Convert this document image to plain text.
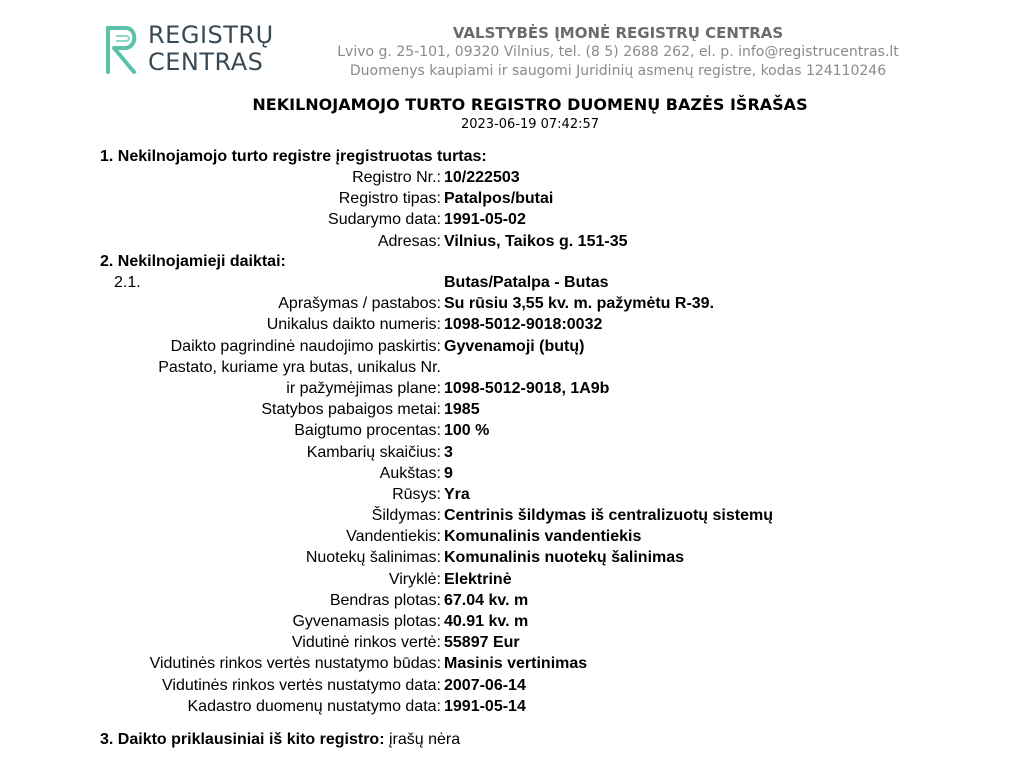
REGISTRŲ
CENTRAS
VALSTYBĖS ĮMONĖ REGISTRŲ CENTRAS
Lvivo g. 25-101, 09320 Vilnius, tel. (8 5) 2688 262, el. p. info@registrucentras.lt
Duomenys kaupiami ir saugomi Juridinių asmenų registre, kodas 124110246
NEKILNOJAMOJO TURTO REGISTRO DUOMENŲ BAZĖS IŠRAŠAS
2023-06-19 07:42:57
1. Nekilnojamojo turto registre įregistruotas turtas:
Registro Nr.: 10/222503
Registro tipas: Patalpos/butai
Sudarymo data: 1991-05-02
Adresas: Vilnius, Taikos g. 151-35
2. Nekilnojamieji daiktai:
2.1.	Butas/Patalpa - Butas
Aprašymas / pastabos: Su rūsiu 3,55 kv. m. pažymėtu R-39.
Unikalus daikto numeris: 1098-5012-9018:0032
Daikto pagrindinė naudojimo paskirtis: Gyvenamoji (butų)
Pastato, kuriame yra butas, unikalus Nr.
ir pažymėjimas plane: 1098-5012-9018, 1A9b
Statybos pabaigos metai: 1985
Baigtumo procentas: 100 %
Kambarių skaičius: 3
Aukštas: 9
Rūsys: Yra
Šildymas: Centrinis šildymas iš centralizuotų sistemų
Vandentiekis: Komunalinis vandentiekis
Nuotekų šalinimas: Komunalinis nuotekų šalinimas
Viryklė: Elektrinė
Bendras plotas: 67.04 kv. m
Gyvenamasis plotas: 40.91 kv. m
Vidutinė rinkos vertė: 55897 Eur
Vidutinės rinkos vertės nustatymo būdas: Masinis vertinimas
Vidutinės rinkos vertės nustatymo data: 2007-06-14
Kadastro duomenų nustatymo data: 1991-05-14
3. Daikto priklausiniai iš kito registro: įrašų nėra
